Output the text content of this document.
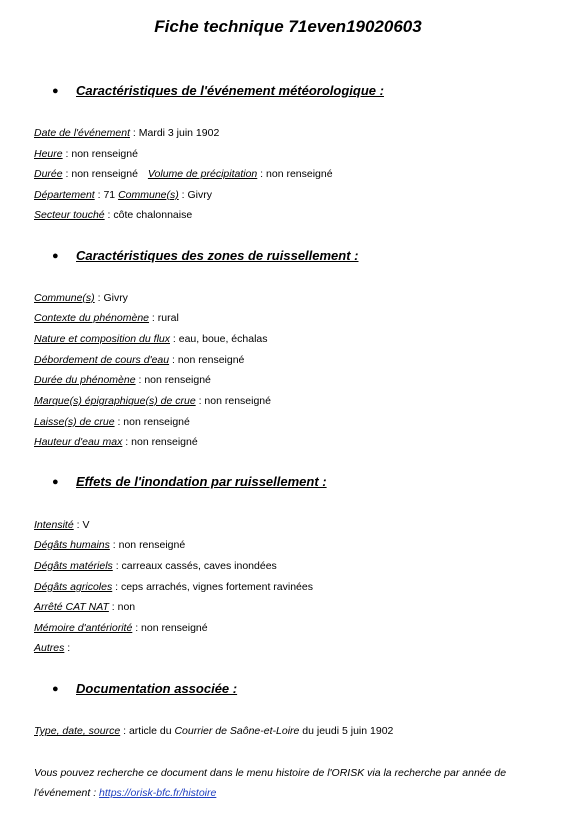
Fiche technique 71even19020603
● Caractéristiques de l'événement météorologique :
Date de l'événement : Mardi 3 juin 1902
Heure : non renseigné
Durée : non renseigné Volume de précipitation : non renseigné
Département : 71 Commune(s) : Givry
Secteur touché : côte chalonnaise
● Caractéristiques des zones de ruissellement :
Commune(s) : Givry
Contexte du phénomène : rural
Nature et composition du flux : eau, boue, échalas
Débordement de cours d'eau : non renseigné
Durée du phénomène : non renseigné
Marque(s) épigraphique(s) de crue : non renseigné
Laisse(s) de crue : non renseigné
Hauteur d'eau max : non renseigné
● Effets de l'inondation par ruissellement :
Intensité : V
Dégâts humains : non renseigné
Dégâts matériels : carreaux cassés, caves inondées
Dégâts agricoles : ceps arrachés, vignes fortement ravinées
Arrêté CAT NAT : non
Mémoire d'antériorité : non renseigné
Autres :
● Documentation associée :
Type, date, source : article du Courrier de Saône-et-Loire du jeudi 5 juin 1902
Vous pouvez recherche ce document dans le menu histoire de l'ORISK via la recherche par année de
l'événement : https://orisk-bfc.fr/histoire
